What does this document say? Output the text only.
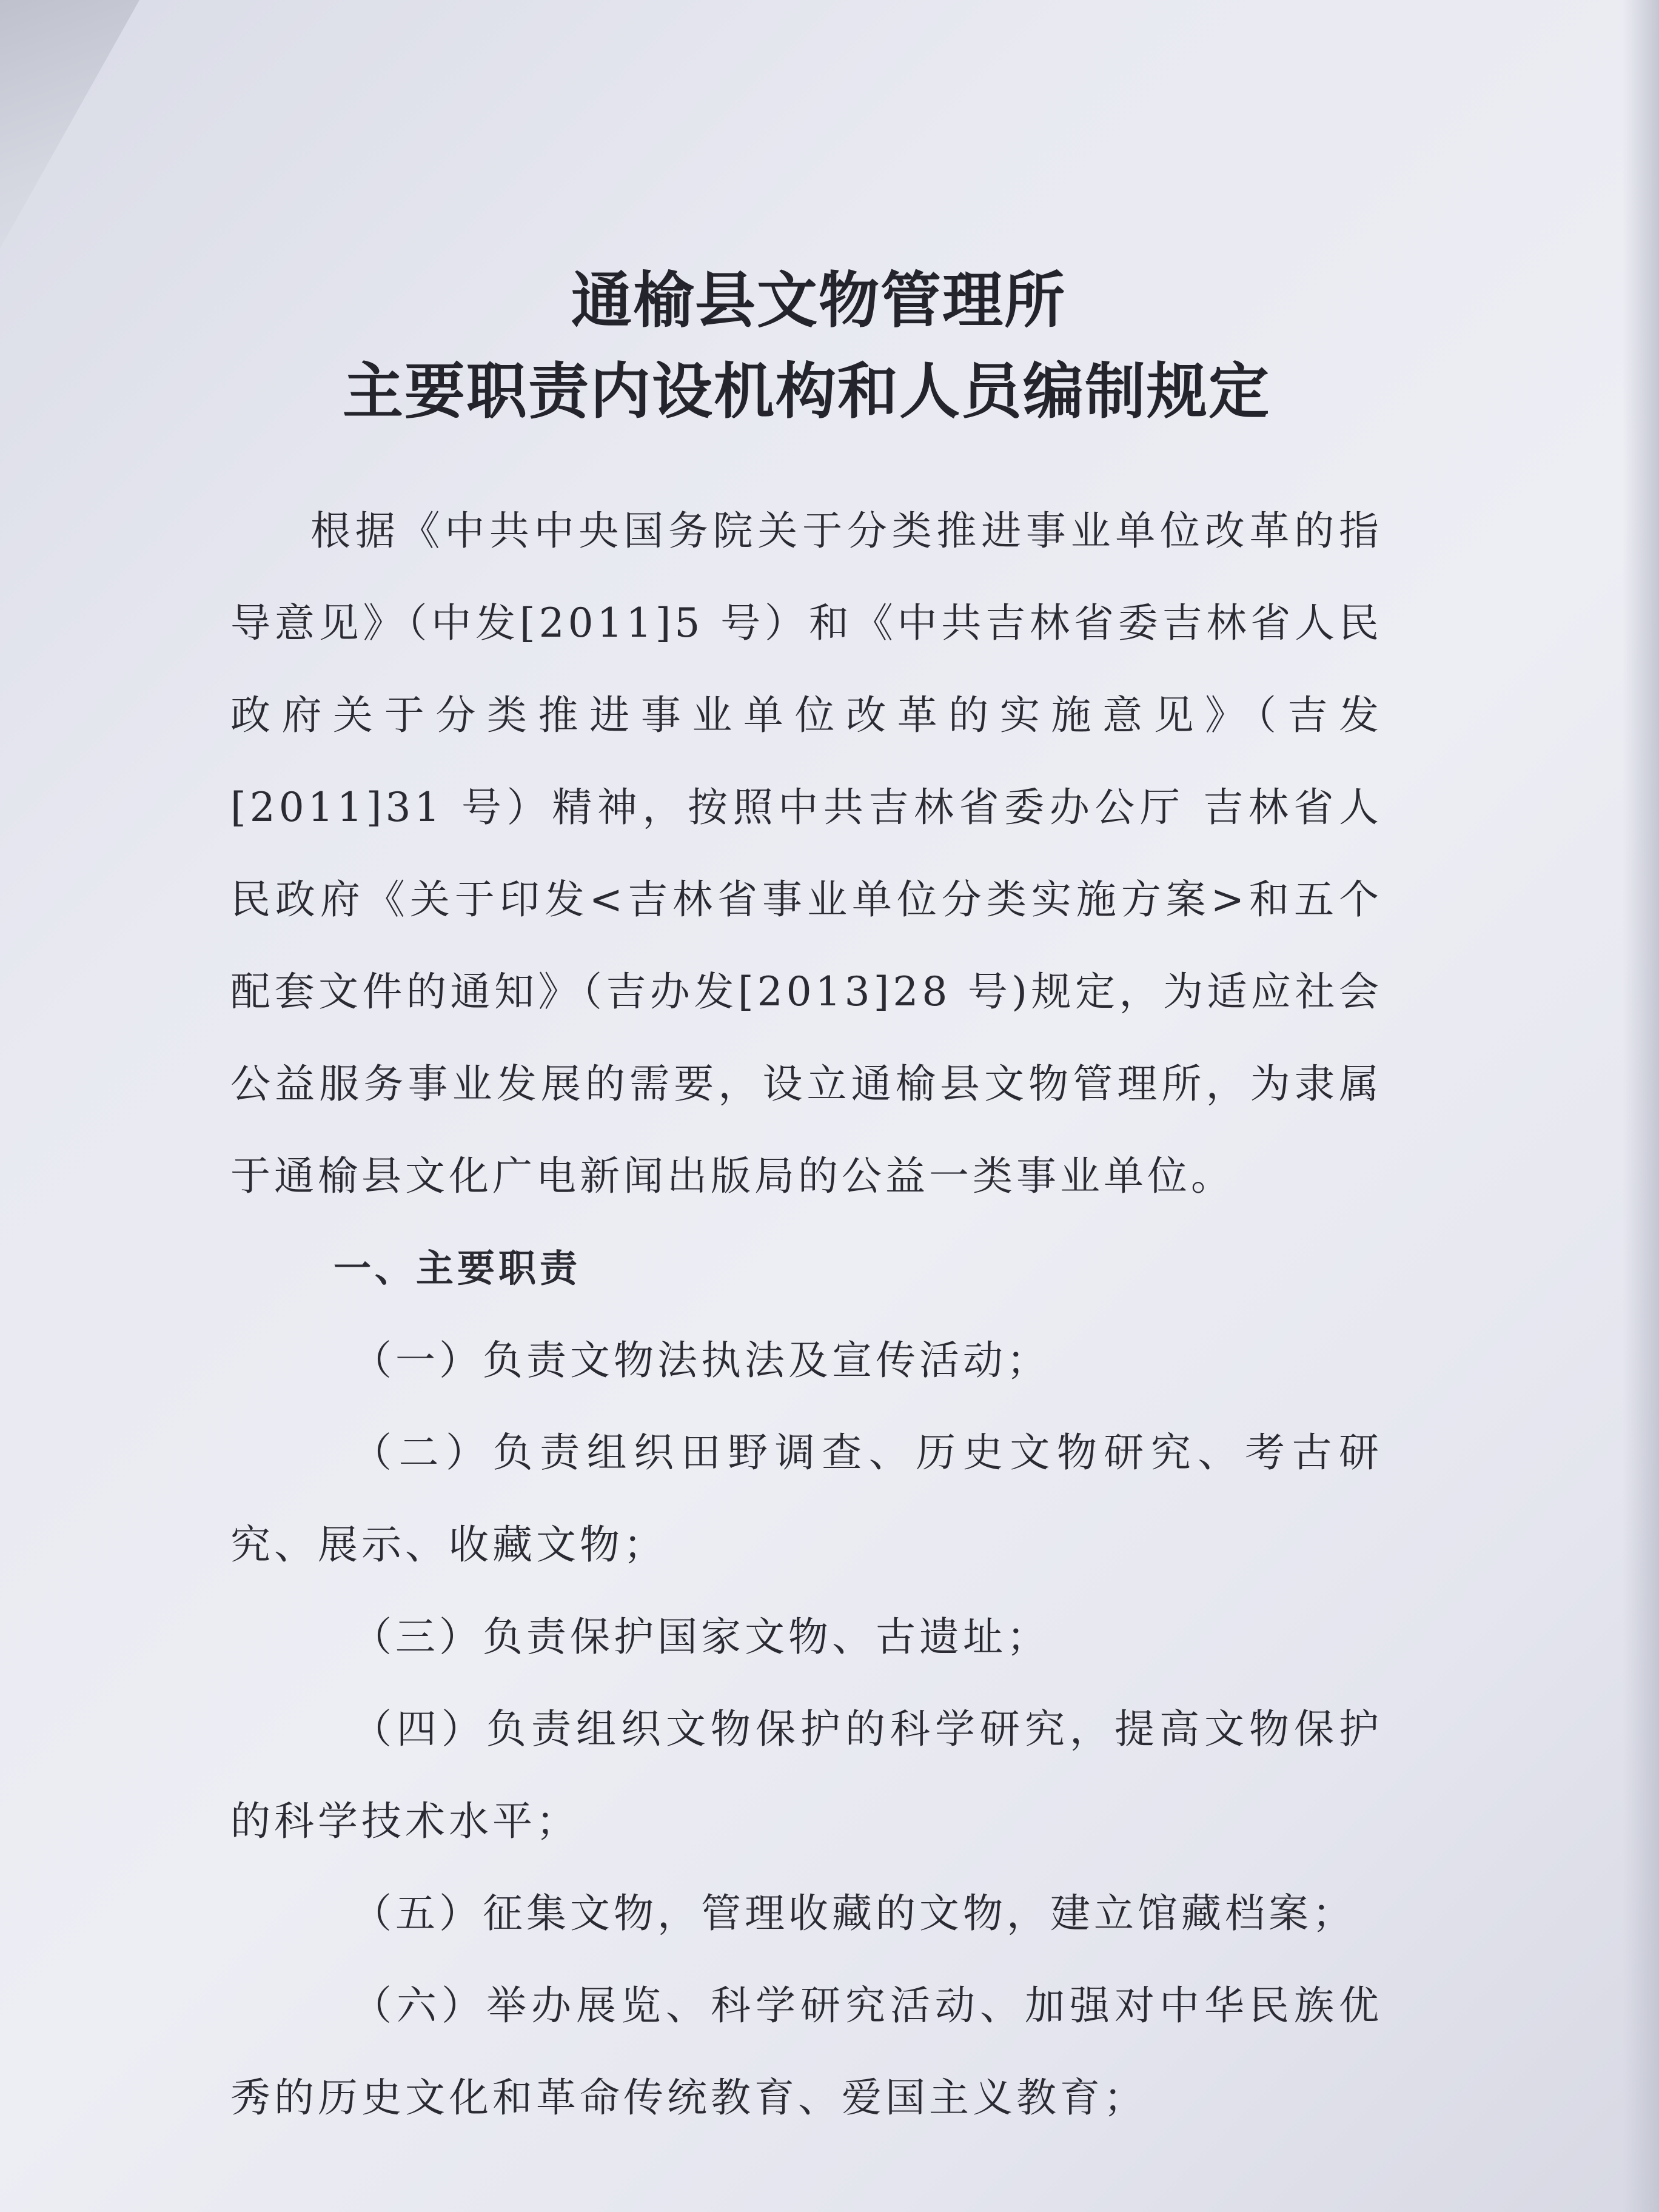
通榆县文物管理所
主要职责内设机构和人员编制规定

根据《中共中央国务院关于分类推进事业单位改革的指导意见》（中发[2011]5 号）和《中共吉林省委吉林省人民政府关于分类推进事业单位改革的实施意见》（吉发[2011]31 号）精神，按照中共吉林省委办公厅 吉林省人民政府《关于印发<吉林省事业单位分类实施方案>和五个配套文件的通知》（吉办发[2013]28 号)规定，为适应社会公益服务事业发展的需要，设立通榆县文物管理所，为隶属于通榆县文化广电新闻出版局的公益一类事业单位。

一、主要职责

（一）负责文物法执法及宣传活动；

（二）负责组织田野调查、历史文物研究、考古研究、展示、收藏文物；

（三）负责保护国家文物、古遗址；

（四）负责组织文物保护的科学研究，提高文物保护的科学技术水平；

（五）征集文物，管理收藏的文物，建立馆藏档案；

（六）举办展览、科学研究活动、加强对中华民族优秀的历史文化和革命传统教育、爱国主义教育；
